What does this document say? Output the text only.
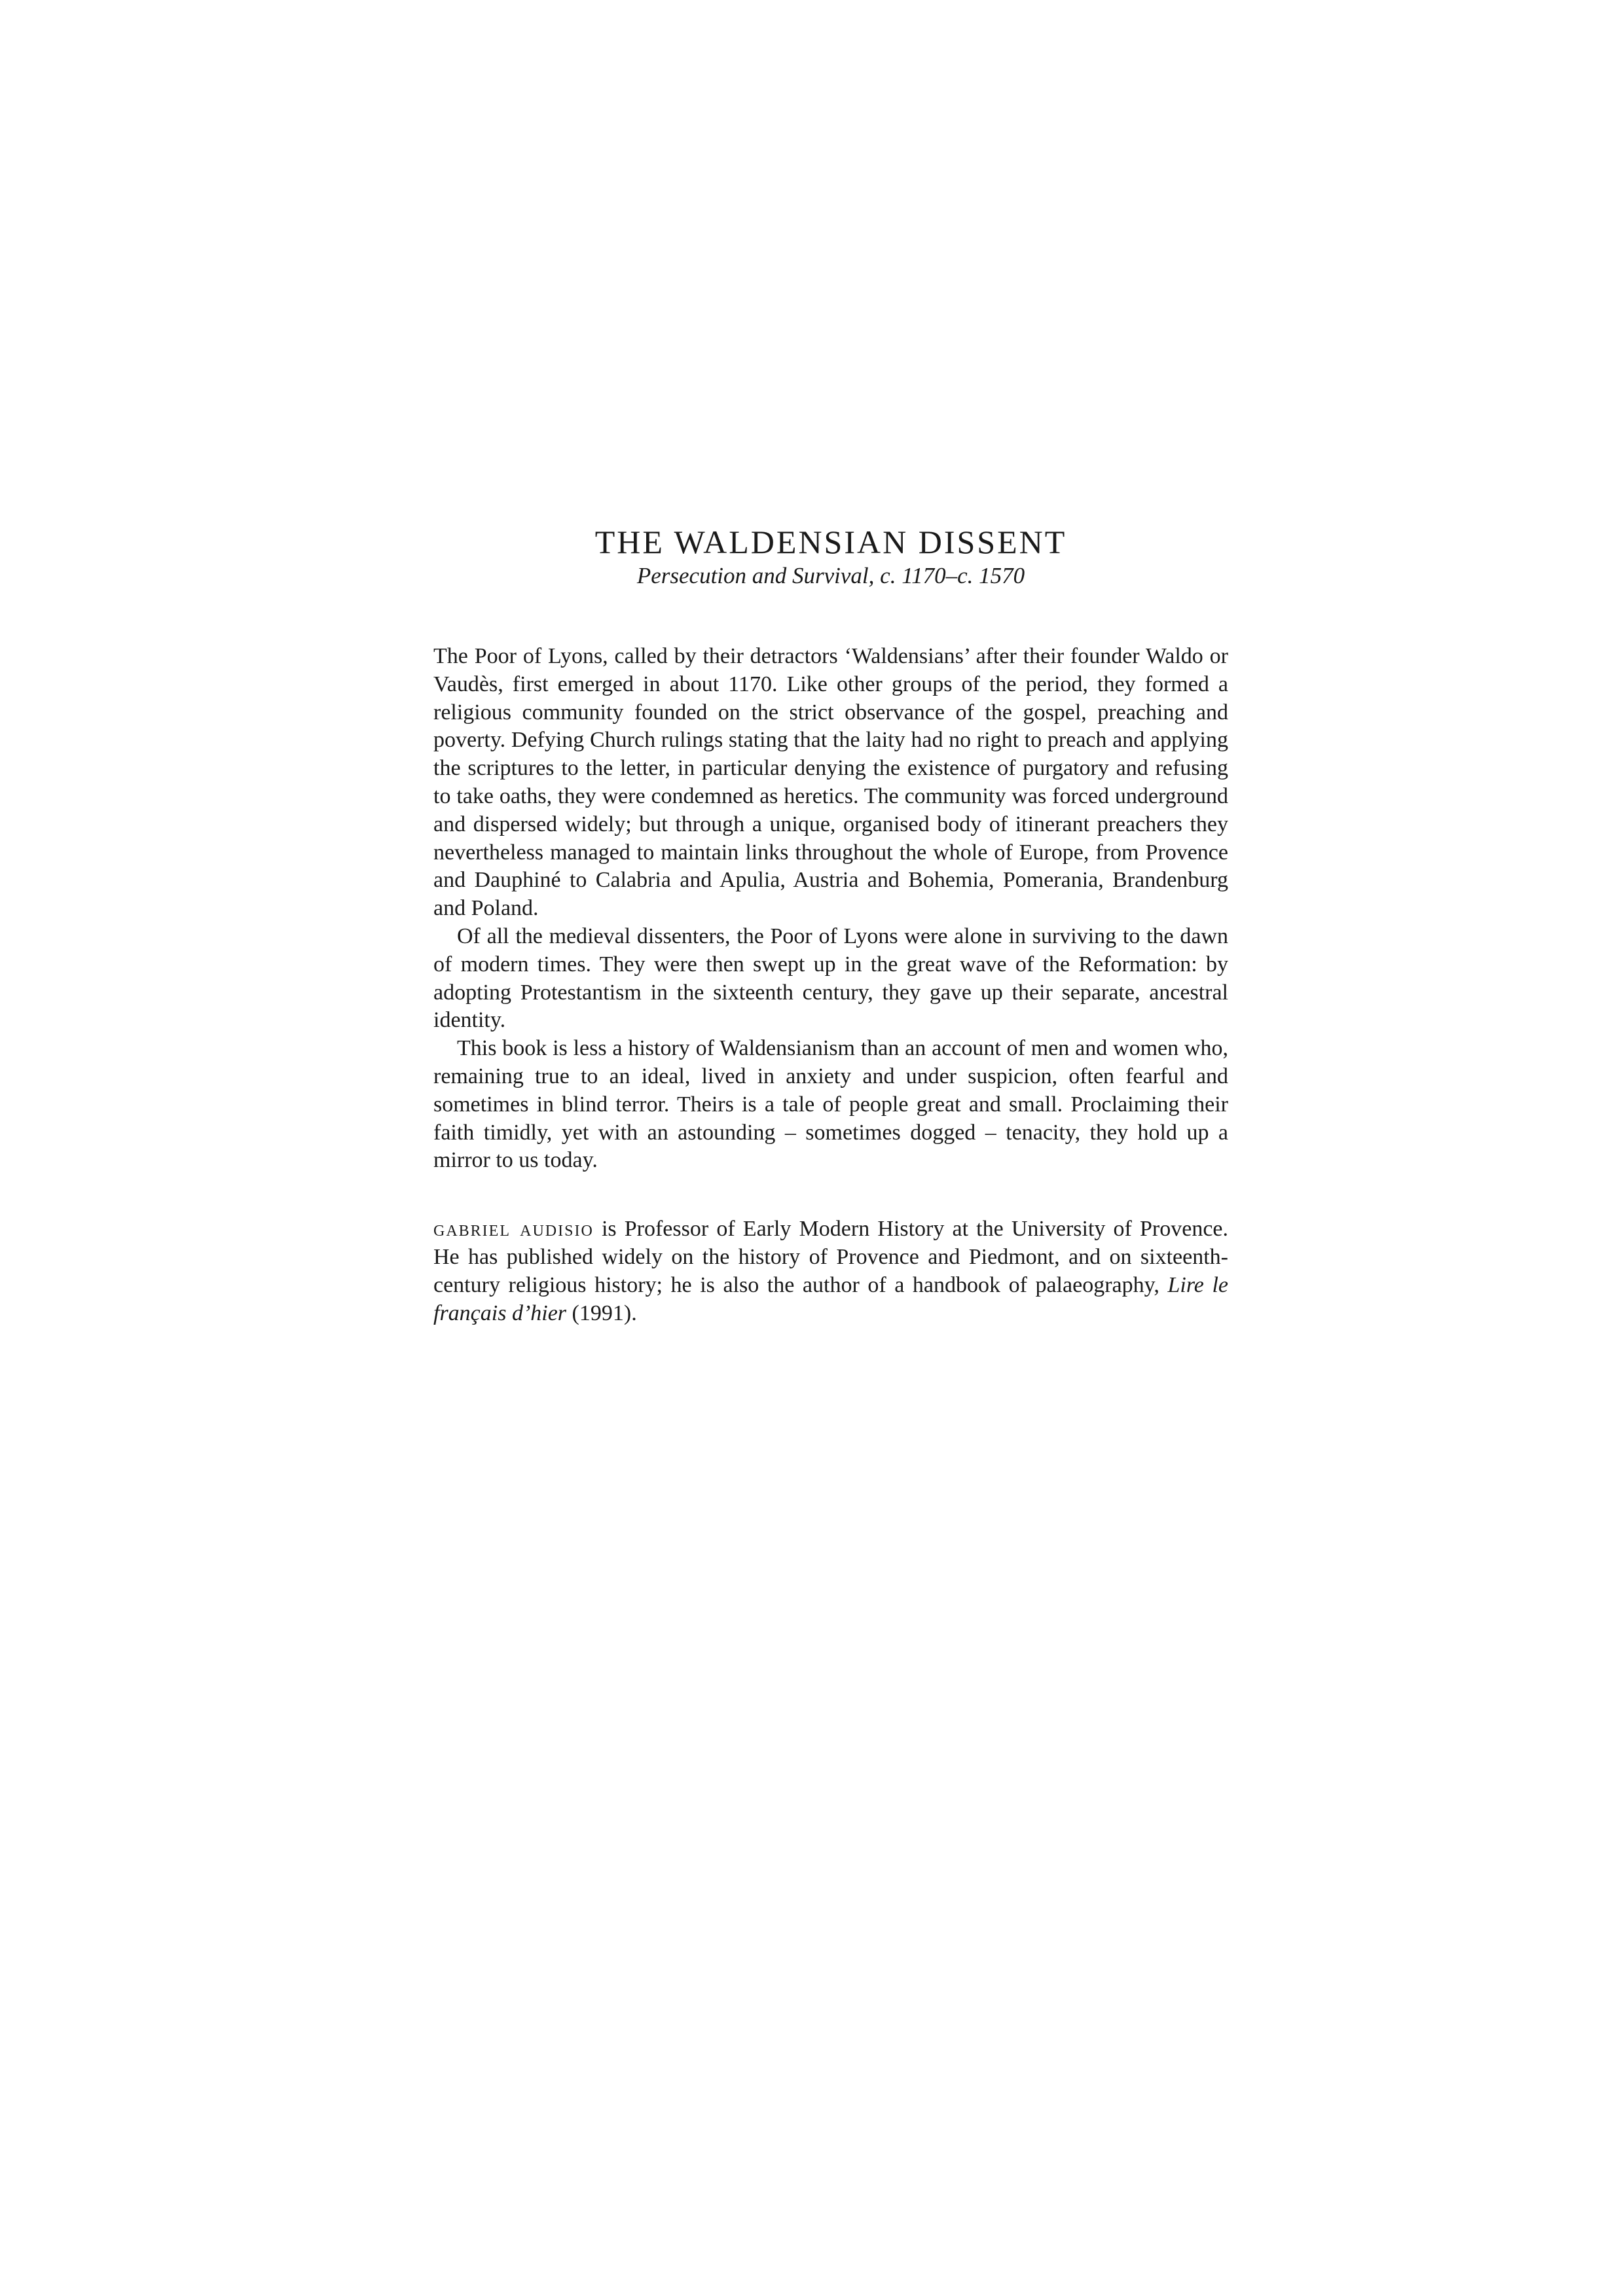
THE WALDENSIAN DISSENT

Persecution and Survival, c. 1170–c. 1570

The Poor of Lyons, called by their detractors ‘Waldensians’ after their founder Waldo or Vaudès, first emerged in about 1170. Like other groups of the period, they formed a religious community founded on the strict observance of the gospel, preaching and poverty. Defying Church rulings stating that the laity had no right to preach and applying the scriptures to the letter, in particular denying the existence of purgatory and refusing to take oaths, they were condemned as heretics. The community was forced underground and dispersed widely; but through a unique, organised body of itinerant preachers they nevertheless managed to maintain links throughout the whole of Europe, from Provence and Dauphiné to Calabria and Apulia, Austria and Bohemia, Pomerania, Brandenburg and Poland.

Of all the medieval dissenters, the Poor of Lyons were alone in surviving to the dawn of modern times. They were then swept up in the great wave of the Reformation: by adopting Protestantism in the sixteenth century, they gave up their separate, ancestral identity.

This book is less a history of Waldensianism than an account of men and women who, remaining true to an ideal, lived in anxiety and under suspicion, often fearful and sometimes in blind terror. Theirs is a tale of people great and small. Proclaiming their faith timidly, yet with an astounding – sometimes dogged – tenacity, they hold up a mirror to us today.

gabriel audisio is Professor of Early Modern History at the University of Provence. He has published widely on the history of Provence and Piedmont, and on sixteenth-century religious history; he is also the author of a handbook of palaeography, Lire le français d’hier (1991).
